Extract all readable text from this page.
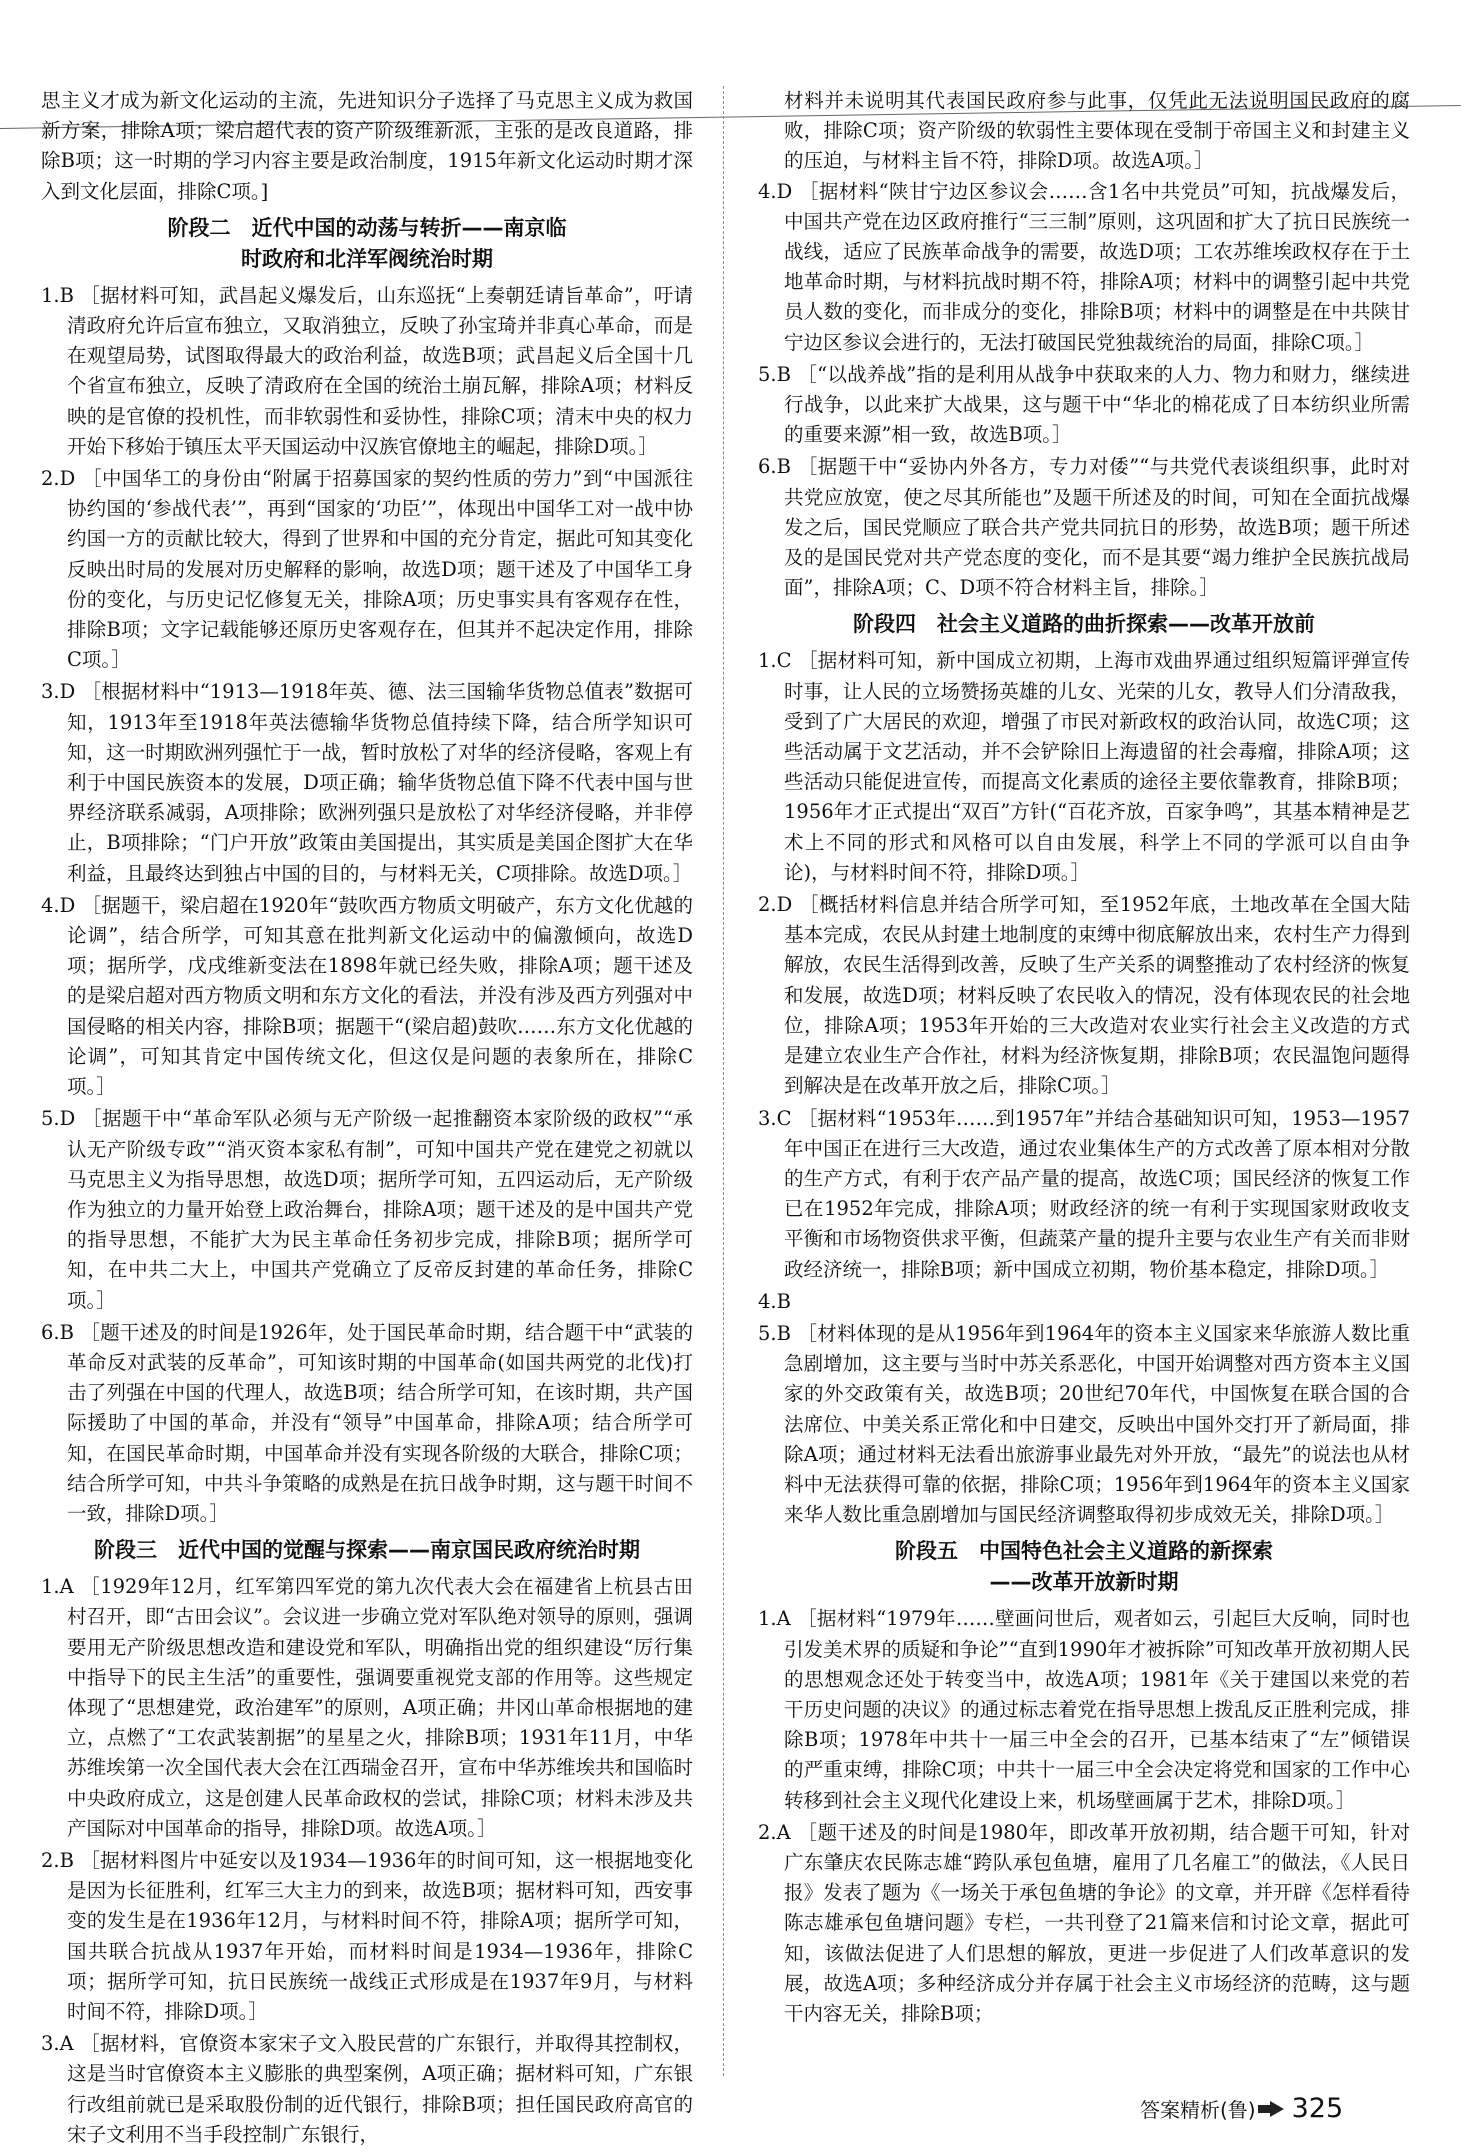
思主义才成为新文化运动的主流，先进知识分子选择了马克思主义成为救国新方案，排除A项；梁启超代表的资产阶级维新派，主张的是改良道路，排除B项；这一时期的学习内容主要是政治制度，1915年新文化运动时期才深入到文化层面，排除C项。]

阶段二　近代中国的动荡与转折——南京临
时政府和北洋军阀统治时期

1.B ［据材料可知，武昌起义爆发后，山东巡抚“上奏朝廷请旨革命”，吁请清政府允许后宣布独立，又取消独立，反映了孙宝琦并非真心革命，而是在观望局势，试图取得最大的政治利益，故选B项；武昌起义后全国十几个省宣布独立，反映了清政府在全国的统治土崩瓦解，排除A项；材料反映的是官僚的投机性，而非软弱性和妥协性，排除C项；清末中央的权力开始下移始于镇压太平天国运动中汉族官僚地主的崛起，排除D项。］

2.D ［中国华工的身份由“附属于招募国家的契约性质的劳力”到“中国派往协约国的‘参战代表’”，再到“国家的‘功臣’”，体现出中国华工对一战中协约国一方的贡献比较大，得到了世界和中国的充分肯定，据此可知其变化反映出时局的发展对历史解释的影响，故选D项；题干述及了中国华工身份的变化，与历史记忆修复无关，排除A项；历史事实具有客观存在性，排除B项；文字记载能够还原历史客观存在，但其并不起决定作用，排除C项。］

3.D ［根据材料中“1913—1918年英、德、法三国输华货物总值表”数据可知，1913年至1918年英法德输华货物总值持续下降，结合所学知识可知，这一时期欧洲列强忙于一战，暂时放松了对华的经济侵略，客观上有利于中国民族资本的发展，D项正确；输华货物总值下降不代表中国与世界经济联系减弱，A项排除；欧洲列强只是放松了对华经济侵略，并非停止，B项排除；“门户开放”政策由美国提出，其实质是美国企图扩大在华利益，且最终达到独占中国的目的，与材料无关，C项排除。故选D项。］

4.D ［据题干，梁启超在1920年“鼓吹西方物质文明破产，东方文化优越的论调”，结合所学，可知其意在批判新文化运动中的偏激倾向，故选D项；据所学，戊戌维新变法在1898年就已经失败，排除A项；题干述及的是梁启超对西方物质文明和东方文化的看法，并没有涉及西方列强对中国侵略的相关内容，排除B项；据题干“(梁启超)鼓吹……东方文化优越的论调”，可知其肯定中国传统文化，但这仅是问题的表象所在，排除C项。］

5.D ［据题干中“革命军队必须与无产阶级一起推翻资本家阶级的政权”“承认无产阶级专政”“消灭资本家私有制”，可知中国共产党在建党之初就以马克思主义为指导思想，故选D项；据所学可知，五四运动后，无产阶级作为独立的力量开始登上政治舞台，排除A项；题干述及的是中国共产党的指导思想，不能扩大为民主革命任务初步完成，排除B项；据所学可知，在中共二大上，中国共产党确立了反帝反封建的革命任务，排除C项。］

6.B ［题干述及的时间是1926年，处于国民革命时期，结合题干中“武装的革命反对武装的反革命”，可知该时期的中国革命(如国共两党的北伐)打击了列强在中国的代理人，故选B项；结合所学可知，在该时期，共产国际援助了中国的革命，并没有“领导”中国革命，排除A项；结合所学可知，在国民革命时期，中国革命并没有实现各阶级的大联合，排除C项；结合所学可知，中共斗争策略的成熟是在抗日战争时期，这与题干时间不一致，排除D项。］

阶段三　近代中国的觉醒与探索——南京国民政府统治时期

1.A ［1929年12月，红军第四军党的第九次代表大会在福建省上杭县古田村召开，即“古田会议”。会议进一步确立党对军队绝对领导的原则，强调要用无产阶级思想改造和建设党和军队，明确指出党的组织建设“厉行集中指导下的民主生活”的重要性，强调要重视党支部的作用等。这些规定体现了“思想建党，政治建军”的原则，A项正确；井冈山革命根据地的建立，点燃了“工农武装割据”的星星之火，排除B项；1931年11月，中华苏维埃第一次全国代表大会在江西瑞金召开，宣布中华苏维埃共和国临时中央政府成立，这是创建人民革命政权的尝试，排除C项；材料未涉及共产国际对中国革命的指导，排除D项。故选A项。］

2.B ［据材料图片中延安以及1934—1936年的时间可知，这一根据地变化是因为长征胜利，红军三大主力的到来，故选B项；据材料可知，西安事变的发生是在1936年12月，与材料时间不符，排除A项；据所学可知，国共联合抗战从1937年开始，而材料时间是1934—1936年，排除C项；据所学可知，抗日民族统一战线正式形成是在1937年9月，与材料时间不符，排除D项。］

3.A ［据材料，官僚资本家宋子文入股民营的广东银行，并取得其控制权，这是当时官僚资本主义膨胀的典型案例，A项正确；据材料可知，广东银行改组前就已是采取股份制的近代银行，排除B项；担任国民政府高官的宋子文利用不当手段控制广东银行，

材料并未说明其代表国民政府参与此事，仅凭此无法说明国民政府的腐败，排除C项；资产阶级的软弱性主要体现在受制于帝国主义和封建主义的压迫，与材料主旨不符，排除D项。故选A项。］

4.D ［据材料“陕甘宁边区参议会……含1名中共党员”可知，抗战爆发后，中国共产党在边区政府推行“三三制”原则，这巩固和扩大了抗日民族统一战线，适应了民族革命战争的需要，故选D项；工农苏维埃政权存在于土地革命时期，与材料抗战时期不符，排除A项；材料中的调整引起中共党员人数的变化，而非成分的变化，排除B项；材料中的调整是在中共陕甘宁边区参议会进行的，无法打破国民党独裁统治的局面，排除C项。］

5.B ［“以战养战”指的是利用从战争中获取来的人力、物力和财力，继续进行战争，以此来扩大战果，这与题干中“华北的棉花成了日本纺织业所需的重要来源”相一致，故选B项。］

6.B ［据题干中“妥协内外各方，专力对倭”“与共党代表谈组织事，此时对共党应放宽，使之尽其所能也”及题干所述及的时间，可知在全面抗战爆发之后，国民党顺应了联合共产党共同抗日的形势，故选B项；题干所述及的是国民党对共产党态度的变化，而不是其要“竭力维护全民族抗战局面”，排除A项；C、D项不符合材料主旨，排除。］

阶段四　社会主义道路的曲折探索——改革开放前

1.C ［据材料可知，新中国成立初期，上海市戏曲界通过组织短篇评弹宣传时事，让人民的立场赞扬英雄的儿女、光荣的儿女，教导人们分清敌我，受到了广大居民的欢迎，增强了市民对新政权的政治认同，故选C项；这些活动属于文艺活动，并不会铲除旧上海遗留的社会毒瘤，排除A项；这些活动只能促进宣传，而提高文化素质的途径主要依靠教育，排除B项；1956年才正式提出“双百”方针(“百花齐放，百家争鸣”，其基本精神是艺术上不同的形式和风格可以自由发展，科学上不同的学派可以自由争论)，与材料时间不符，排除D项。］

2.D ［概括材料信息并结合所学可知，至1952年底，土地改革在全国大陆基本完成，农民从封建土地制度的束缚中彻底解放出来，农村生产力得到解放，农民生活得到改善，反映了生产关系的调整推动了农村经济的恢复和发展，故选D项；材料反映了农民收入的情况，没有体现农民的社会地位，排除A项；1953年开始的三大改造对农业实行社会主义改造的方式是建立农业生产合作社，材料为经济恢复期，排除B项；农民温饱问题得到解决是在改革开放之后，排除C项。］

3.C ［据材料“1953年……到1957年”并结合基础知识可知，1953—1957年中国正在进行三大改造，通过农业集体生产的方式改善了原本相对分散的生产方式，有利于农产品产量的提高，故选C项；国民经济的恢复工作已在1952年完成，排除A项；财政经济的统一有利于实现国家财政收支平衡和市场物资供求平衡，但蔬菜产量的提升主要与农业生产有关而非财政经济统一，排除B项；新中国成立初期，物价基本稳定，排除D项。］

4.B

5.B ［材料体现的是从1956年到1964年的资本主义国家来华旅游人数比重急剧增加，这主要与当时中苏关系恶化，中国开始调整对西方资本主义国家的外交政策有关，故选B项；20世纪70年代，中国恢复在联合国的合法席位、中美关系正常化和中日建交，反映出中国外交打开了新局面，排除A项；通过材料无法看出旅游事业最先对外开放，“最先”的说法也从材料中无法获得可靠的依据，排除C项；1956年到1964年的资本主义国家来华人数比重急剧增加与国民经济调整取得初步成效无关，排除D项。］

阶段五　中国特色社会主义道路的新探索
——改革开放新时期

1.A ［据材料“1979年……壁画问世后，观者如云，引起巨大反响，同时也引发美术界的质疑和争论”“直到1990年才被拆除”可知改革开放初期人民的思想观念还处于转变当中，故选A项；1981年《关于建国以来党的若干历史问题的决议》的通过标志着党在指导思想上拨乱反正胜利完成，排除B项；1978年中共十一届三中全会的召开，已基本结束了“左”倾错误的严重束缚，排除C项；中共十一届三中全会决定将党和国家的工作中心转移到社会主义现代化建设上来，机场壁画属于艺术，排除D项。］

2.A ［题干述及的时间是1980年，即改革开放初期，结合题干可知，针对广东肇庆农民陈志雄“跨队承包鱼塘，雇用了几名雇工”的做法，《人民日报》发表了题为《一场关于承包鱼塘的争论》的文章，并开辟《怎样看待陈志雄承包鱼塘问题》专栏，一共刊登了21篇来信和讨论文章，据此可知，该做法促进了人们思想的解放，更进一步促进了人们改革意识的发展，故选A项；多种经济成分并存属于社会主义市场经济的范畴，这与题干内容无关，排除B项；

答案精析(鲁) 325
